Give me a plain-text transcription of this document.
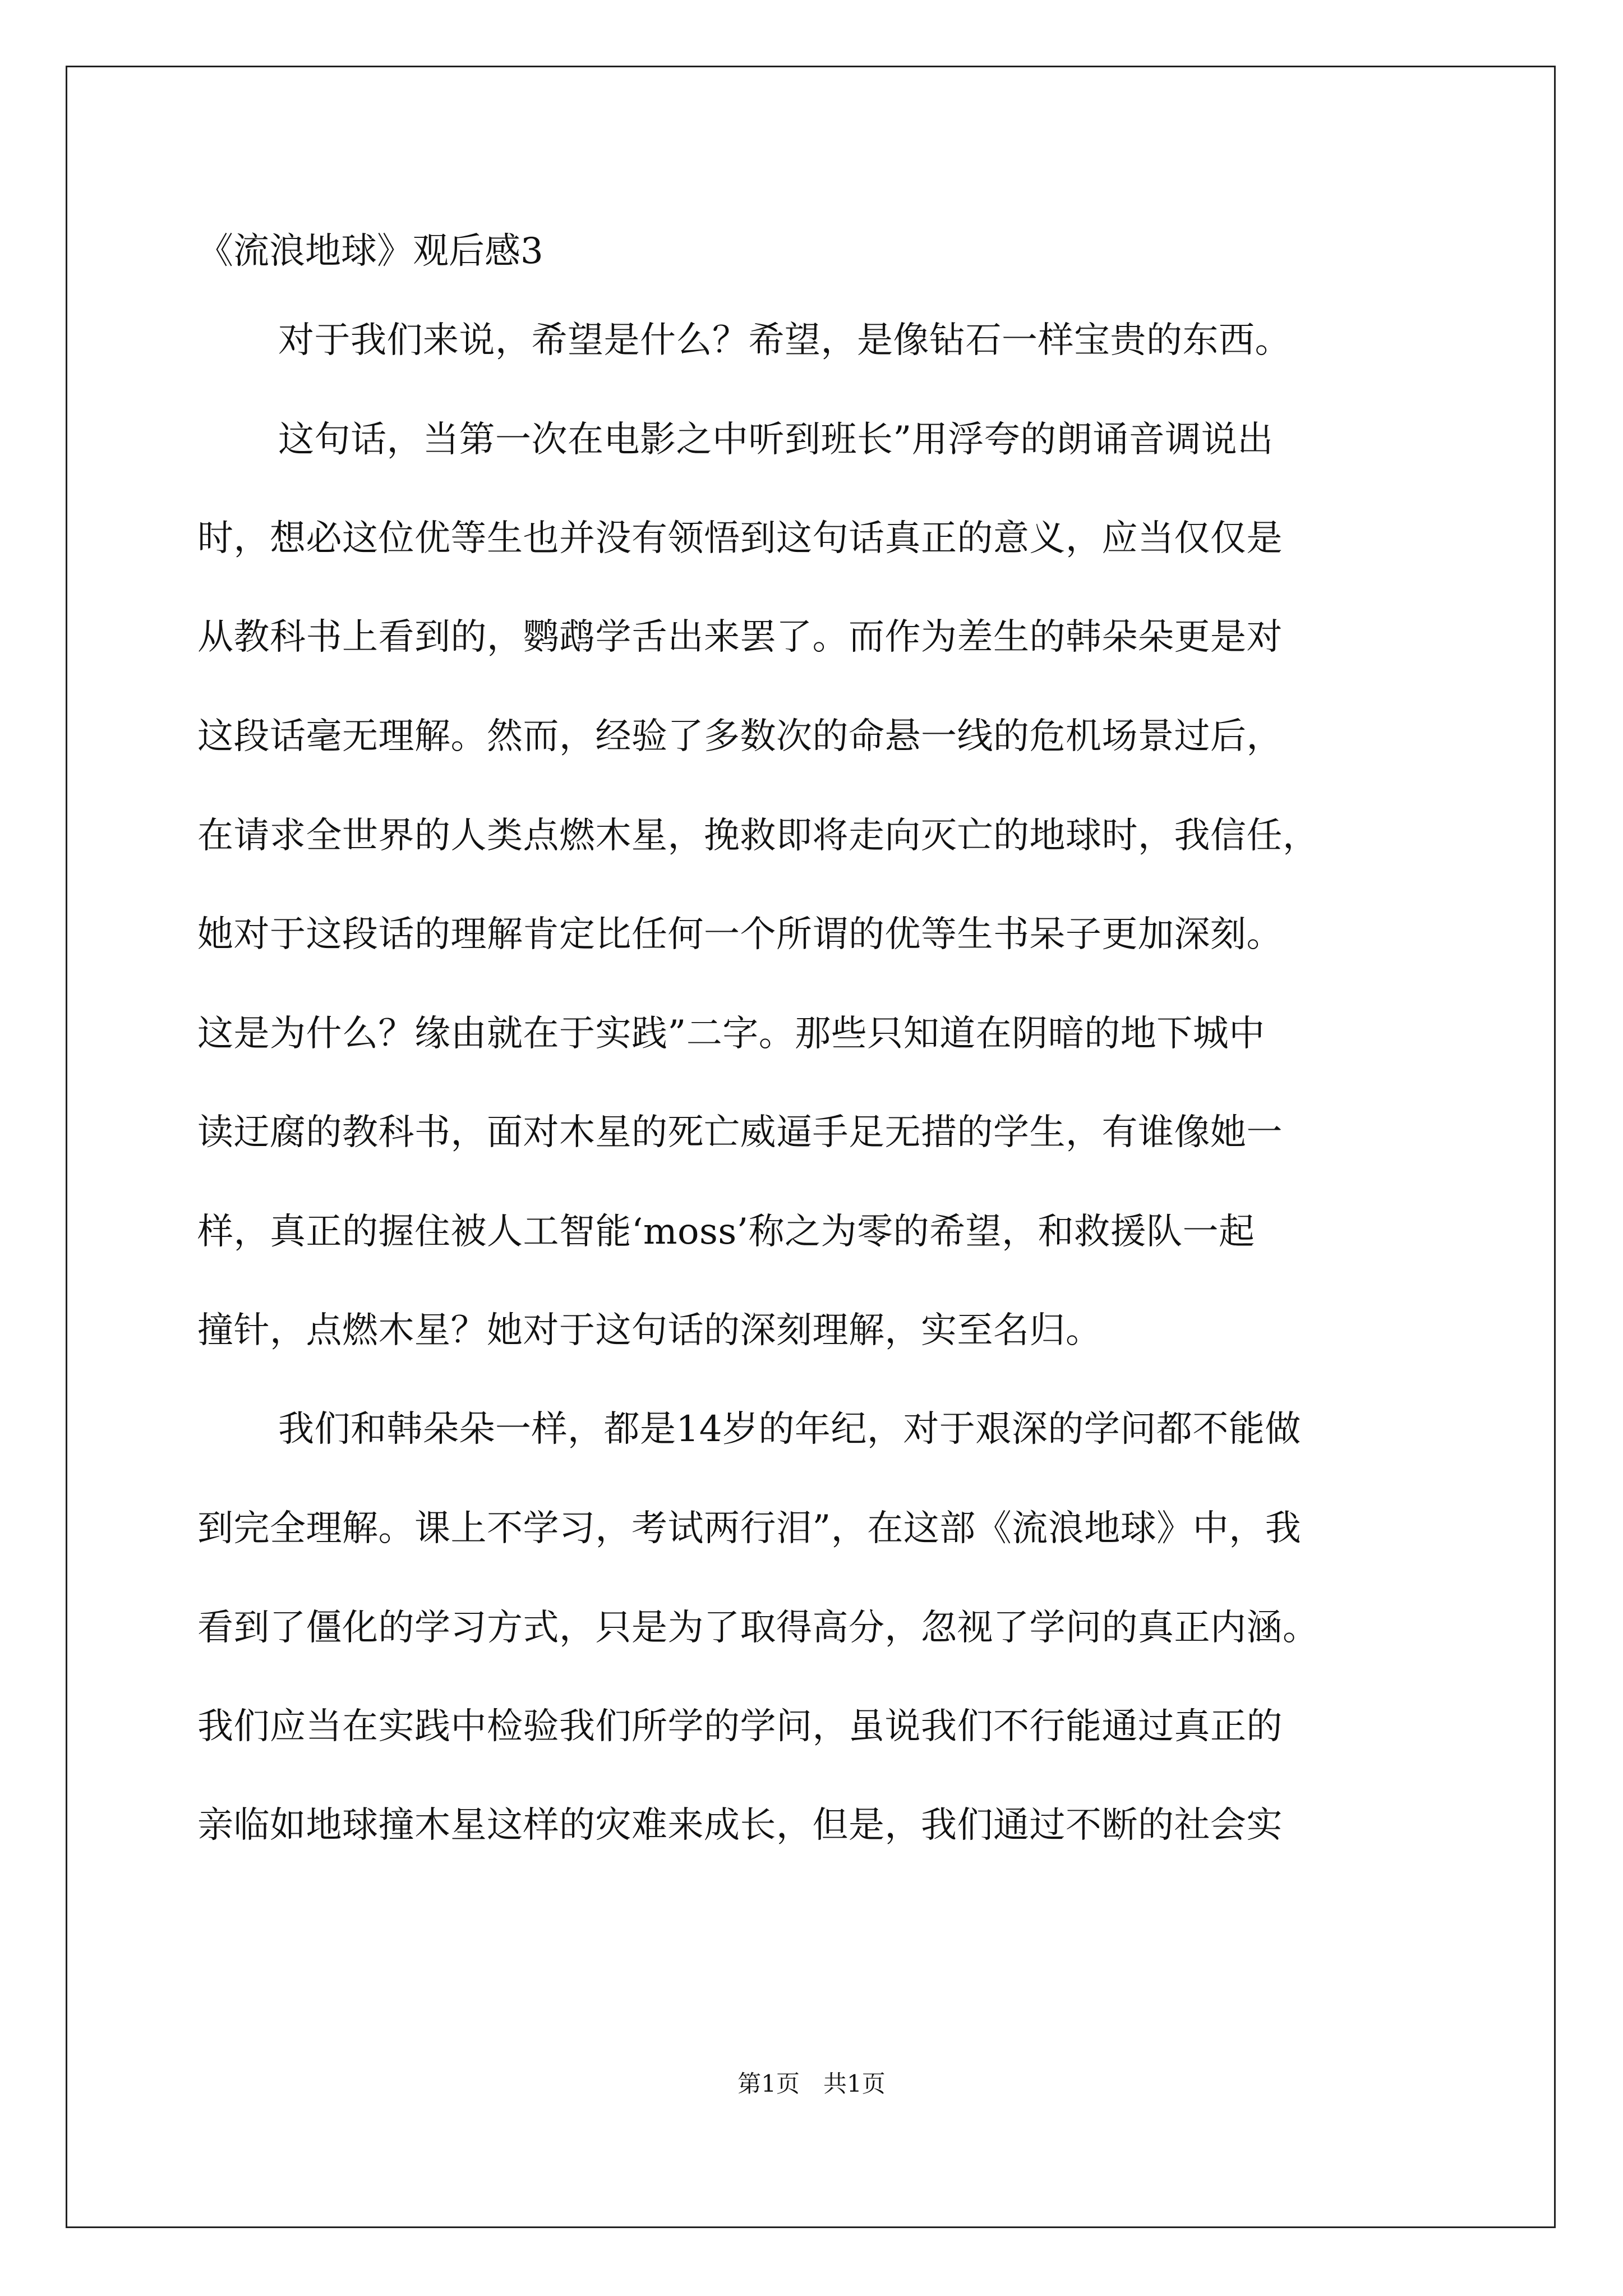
《流浪地球》观后感3
对于我们来说，希望是什么？希望，是像钻石一样宝贵的东西。
这句话，当第一次在电影之中听到班长”用浮夸的朗诵音调说出
时，想必这位优等生也并没有领悟到这句话真正的意义，应当仅仅是
从教科书上看到的，鹦鹉学舌出来罢了。而作为差生的韩朵朵更是对
这段话毫无理解。然而，经验了多数次的命悬一线的危机场景过后，
在请求全世界的人类点燃木星，挽救即将走向灭亡的地球时，我信任，
她对于这段话的理解肯定比任何一个所谓的优等生书呆子更加深刻。
这是为什么？缘由就在于实践”二字。那些只知道在阴暗的地下城中
读迂腐的教科书，面对木星的死亡威逼手足无措的学生，有谁像她一
样，真正的握住被人工智能‘moss’称之为零的希望，和救援队一起
撞针，点燃木星？她对于这句话的深刻理解，实至名归。
我们和韩朵朵一样，都是14岁的年纪，对于艰深的学问都不能做
到完全理解。课上不学习，考试两行泪”，在这部《流浪地球》中，我
看到了僵化的学习方式，只是为了取得高分，忽视了学问的真正内涵。
我们应当在实践中检验我们所学的学问，虽说我们不行能通过真正的
亲临如地球撞木星这样的灾难来成长，但是，我们通过不断的社会实
第1页　共1页
